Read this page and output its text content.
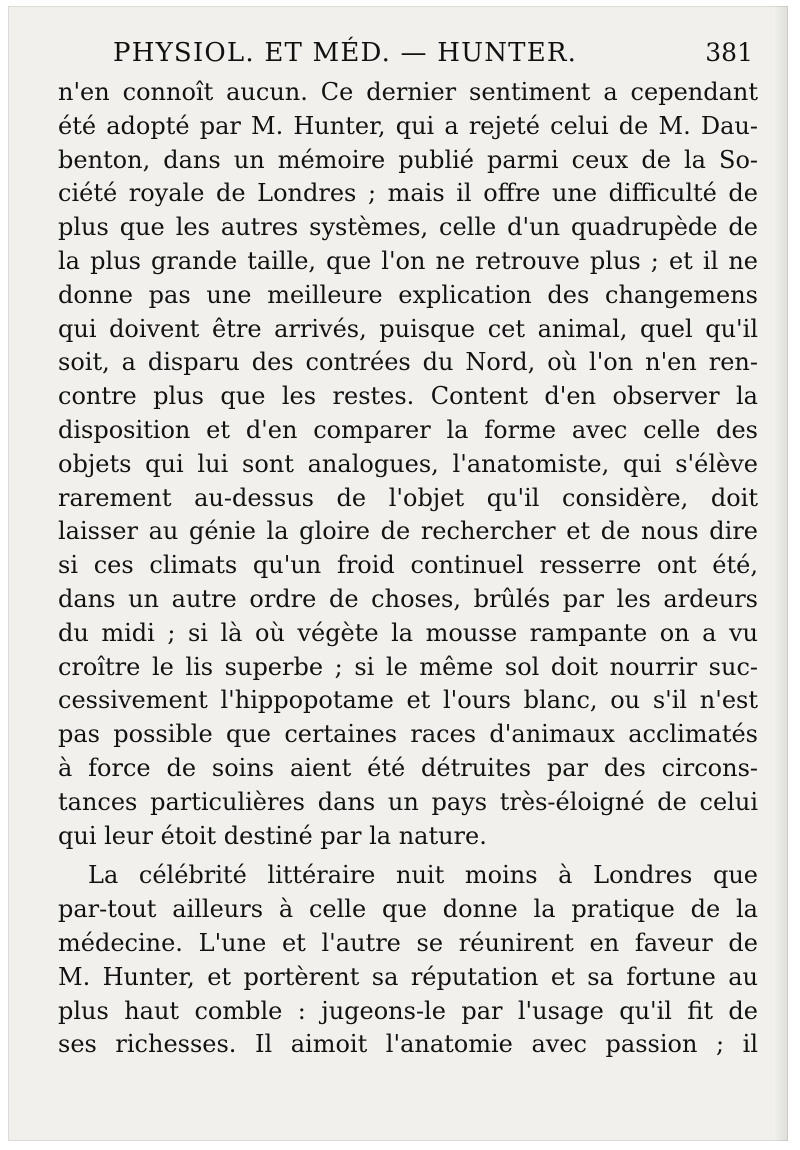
PHYSIOL. ET MÉD. — HUNTER.	381
n'en connoît aucun. Ce dernier sentiment a cependant
été adopté par M. Hunter, qui a rejeté celui de M. Dau-
benton, dans un mémoire publié parmi ceux de la So-
ciété royale de Londres ; mais il offre une difficulté de
plus que les autres systèmes, celle d'un quadrupède de
la plus grande taille, que l'on ne retrouve plus ; et il ne
donne pas une meilleure explication des changemens
qui doivent être arrivés, puisque cet animal, quel qu'il
soit, a disparu des contrées du Nord, où l'on n'en ren-
contre plus que les restes. Content d'en observer la
disposition et d'en comparer la forme avec celle des
objets qui lui sont analogues, l'anatomiste, qui s'élève
rarement au-dessus de l'objet qu'il considère, doit
laisser au génie la gloire de rechercher et de nous dire
si ces climats qu'un froid continuel resserre ont été,
dans un autre ordre de choses, brûlés par les ardeurs
du midi ; si là où végète la mousse rampante on a vu
croître le lis superbe ; si le même sol doit nourrir suc-
cessivement l'hippopotame et l'ours blanc, ou s'il n'est
pas possible que certaines races d'animaux acclimatés
à force de soins aient été détruites par des circons-
tances particulières dans un pays très-éloigné de celui
qui leur étoit destiné par la nature.
La célébrité littéraire nuit moins à Londres que
par-tout ailleurs à celle que donne la pratique de la
médecine. L'une et l'autre se réunirent en faveur de
M. Hunter, et portèrent sa réputation et sa fortune au
plus haut comble : jugeons-le par l'usage qu'il fit de
ses richesses. Il aimoit l'anatomie avec passion ; il
